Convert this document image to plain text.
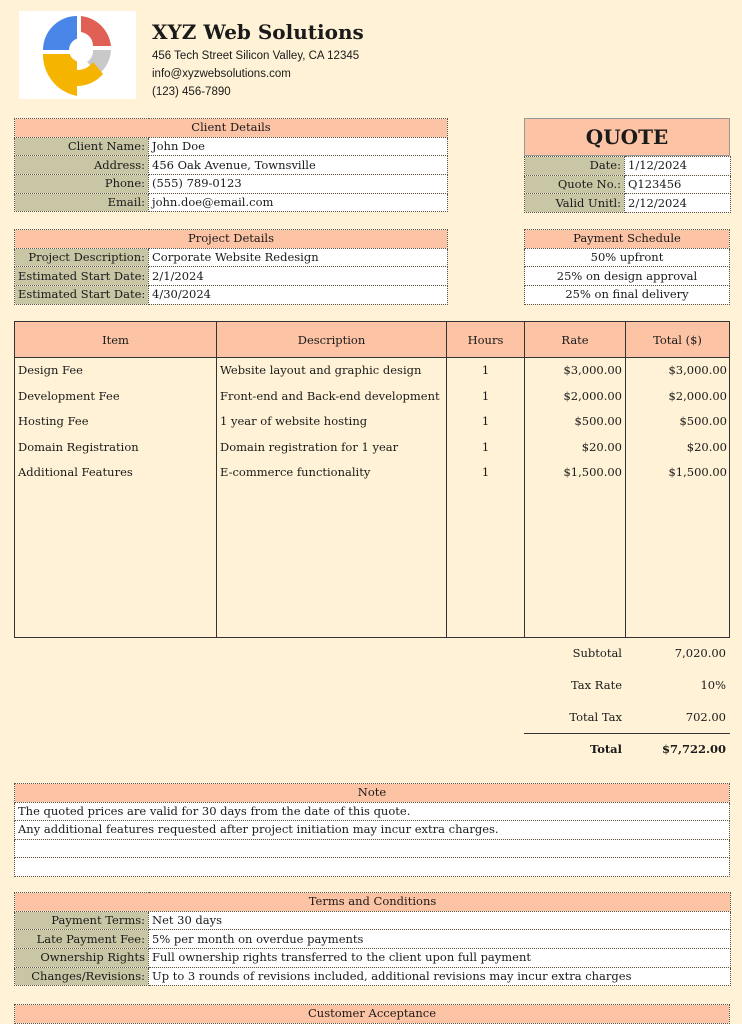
XYZ Web Solutions
456 Tech Street Silicon Valley, CA 12345
info@xyzwebsolutions.com
(123) 456-7890
Client Details	
Client Name:	John Doe
Address:	456 Oak Avenue, Townsville
Phone:	(555) 789-0123
Email:	john.doe@email.com
QUOTE
Date:	1/12/2024
Quote No.:	Q123456
Valid Unitl:	2/12/2024
Project Details	
Project Description:	Corporate Website Redesign
Estimated Start Date:	2/1/2024
Estimated Start Date:	4/30/2024
Payment Schedule
50% upfront
25% on design approval
25% on final delivery
Item	Description	Hours	Rate	Total ($)
Design Fee	Website layout and graphic design	1	$3,000.00	$3,000.00
Development Fee	Front-end and Back-end development	1	$2,000.00	$2,000.00
Hosting Fee	1 year of website hosting	1	$500.00	$500.00
Domain Registration	Domain registration for 1 year	1	$20.00	$20.00
Additional Features	E-commerce functionality	1	$1,500.00	$1,500.00
Subtotal	7,020.00
Tax Rate	10%
Total Tax	702.00
Total	$7,722.00
Note
The quoted prices are valid for 30 days from the date of this quote.
Any additional features requested after project initiation may incur extra charges.

Terms and Conditions	
Payment Terms:	Net 30 days
Late Payment Fee:	5% per month on overdue payments
Ownership Rights	Full ownership rights transferred to the client upon full payment
Changes/Revisions:	Up to 3 rounds of revisions included, additional revisions may incur extra charges
Customer Acceptance
